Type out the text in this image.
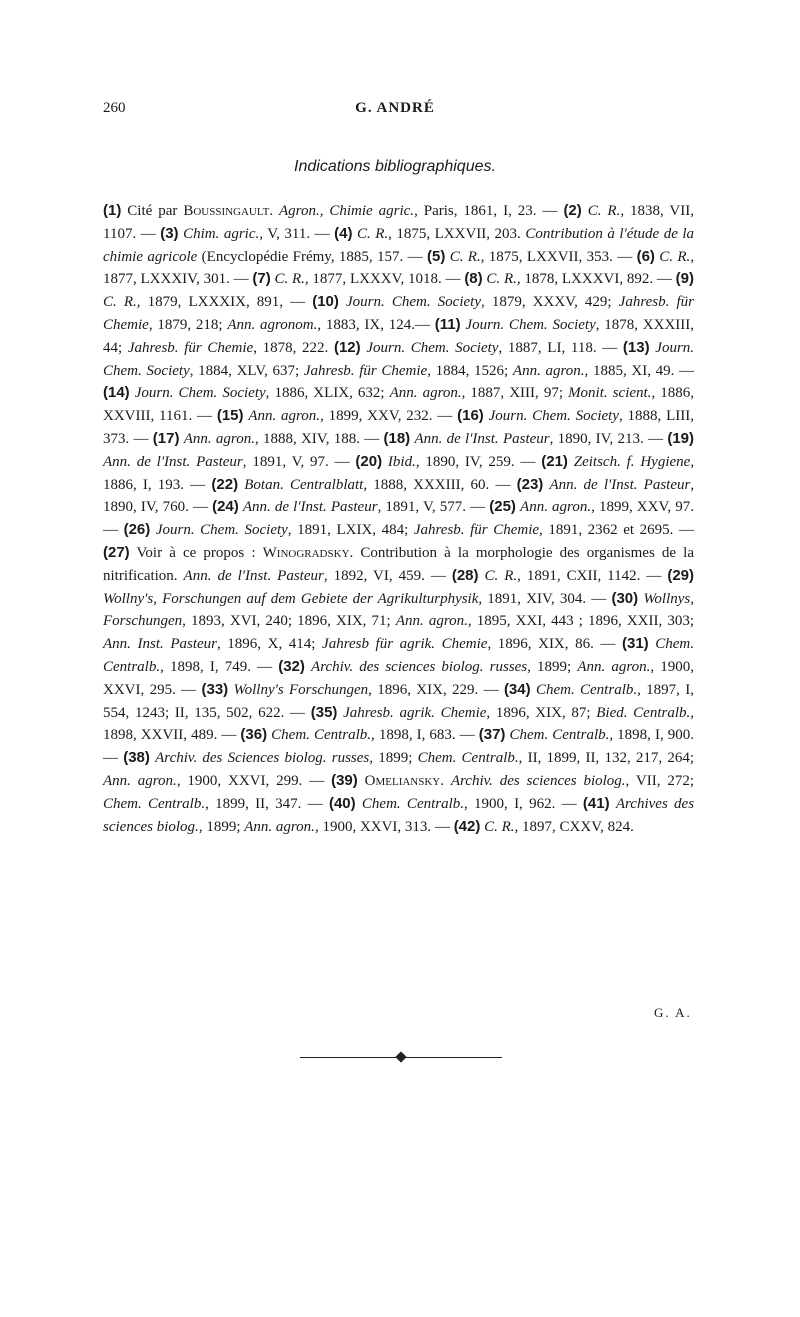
260	G. ANDRÉ
Indications bibliographiques.
(1) Cité par Boussingault. Agron., Chimie agric., Paris, 1861, I, 23. — (2) C. R., 1838, VII, 1107. — (3) Chim. agric., V, 311. — (4) C. R., 1875, LXXVII, 203. Contribution à l'étude de la chimie agricole (Encyclopédie Frémy, 1885, 157. — (5) C. R., 1875, LXXVII, 353. — (6) C. R., 1877, LXXXIV, 301. — (7) C. R., 1877, LXXXV, 1018. — (8) C. R., 1878, LXXXVI, 892. — (9) C. R., 1879, LXXXIX, 891, — (10) Journ. Chem. Society, 1879, XXXV, 429; Jahresb. für Chemie, 1879, 218; Ann. agronom., 1883, IX, 124.— (11) Journ. Chem. Society, 1878, XXXIII, 44; Jahresb. für Chemie, 1878, 222. (12) Journ. Chem. Society, 1887, LI, 118. — (13) Journ. Chem. Society, 1884, XLV, 637; Jahresb. für Chemie, 1884, 1526; Ann. agron., 1885, XI, 49. — (14) Journ. Chem. Society, 1886, XLIX, 632; Ann. agron., 1887, XIII, 97; Monit. scient., 1886, XXVIII, 1161. — (15) Ann. agron., 1899, XXV, 232. — (16) Journ. Chem. Society, 1888, LIII, 373. — (17) Ann. agron., 1888, XIV, 188. — (18) Ann. de l'Inst. Pasteur, 1890, IV, 213. — (19) Ann. de l'Inst. Pasteur, 1891, V, 97. — (20) Ibid., 1890, IV, 259. — (21) Zeitsch. f. Hygiene, 1886, I, 193. — (22) Botan. Centralblatt, 1888, XXXIII, 60. — (23) Ann. de l'Inst. Pasteur, 1890, IV, 760. — (24) Ann. de l'Inst. Pasteur, 1891, V, 577. — (25) Ann. agron., 1899, XXV, 97. — (26) Journ. Chem. Society, 1891, LXIX, 484; Jahresb. für Chemie, 1891, 2362 et 2695. — (27) Voir à ce propos : Winogradsky. Contribution à la morphologie des organismes de la nitrification. Ann. de l'Inst. Pasteur, 1892, VI, 459. — (28) C. R., 1891, CXII, 1142. — (29) Wollny's, Forschungen auf dem Gebiete der Agrikulturphysik, 1891, XIV, 304. — (30) Wollnys, Forschungen, 1893, XVI, 240; 1896, XIX, 71; Ann. agron., 1895, XXI, 443 ; 1896, XXII, 303; Ann. Inst. Pasteur, 1896, X, 414; Jahresb für agrik. Chemie, 1896, XIX, 86. — (31) Chem. Centralb., 1898, I, 749. — (32) Archiv. des sciences biolog. russes, 1899; Ann. agron., 1900, XXVI, 295. — (33) Wollny's Forschungen, 1896, XIX, 229. — (34) Chem. Centralb., 1897, I, 554, 1243; II, 135, 502, 622. — (35) Jahresb. agrik. Chemie, 1896, XIX, 87; Bied. Centralb., 1898, XXVII, 489. — (36) Chem. Centralb., 1898, I, 683. — (37) Chem. Centralb., 1898, I, 900. — (38) Archiv. des Sciences biolog. russes, 1899; Chem. Centralb., II, 1899, II, 132, 217, 264; Ann. agron., 1900, XXVI, 299. — (39) Omeliansky. Archiv. des sciences biolog., VII, 272; Chem. Centralb., 1899, II, 347. — (40) Chem. Centralb., 1900, I, 962. — (41) Archives des sciences biolog., 1899; Ann. agron., 1900, XXVI, 313. — (42) C. R., 1897, CXXV, 824.
G. A.
